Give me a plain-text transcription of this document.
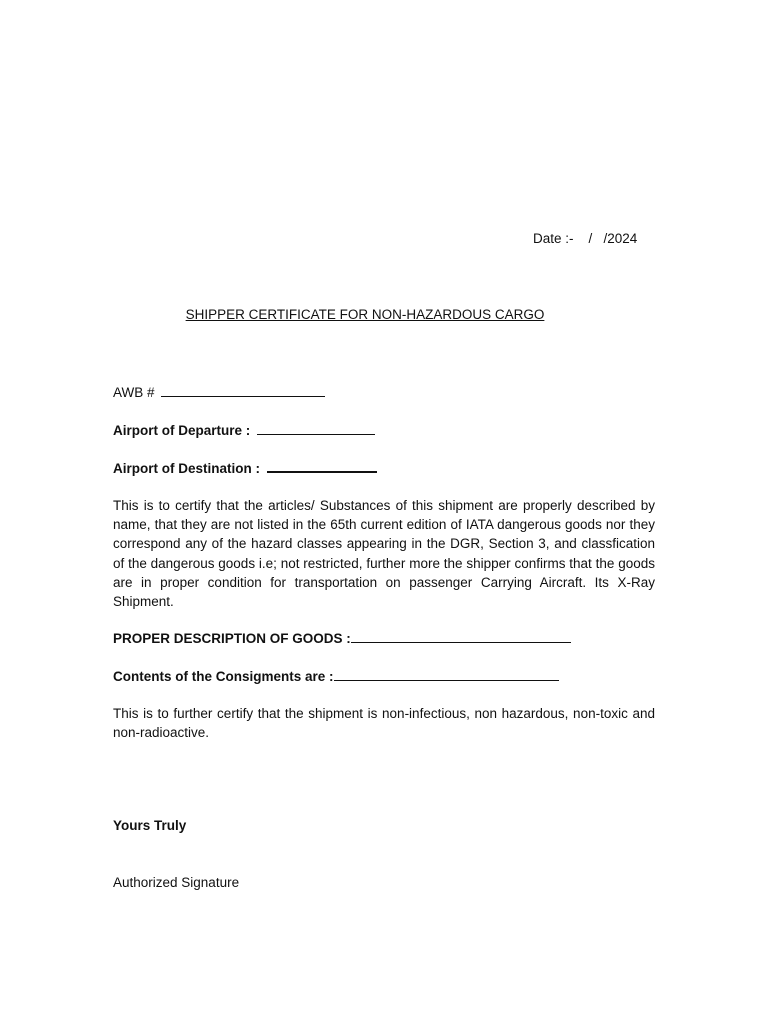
Date :- /   /2024
SHIPPER CERTIFICATE FOR NON-HAZARDOUS CARGO
AWB #
Airport of Departure :
Airport of Destination :
This is to certify that the articles/ Substances of this shipment are properly described by name, that they are not listed in the 65th current edition of IATA dangerous goods nor they correspond any of the hazard classes appearing in the DGR, Section 3, and classfication of the dangerous goods i.e; not restricted, further more the shipper confirms that the goods are in proper condition for transportation on passenger Carrying Aircraft. Its X-Ray Shipment.
PROPER DESCRIPTION OF GOODS :
Contents of the Consigments are :
This is to further certify that the shipment is non-infectious, non hazardous, non-toxic and non-radioactive.
Yours Truly
Authorized Signature
